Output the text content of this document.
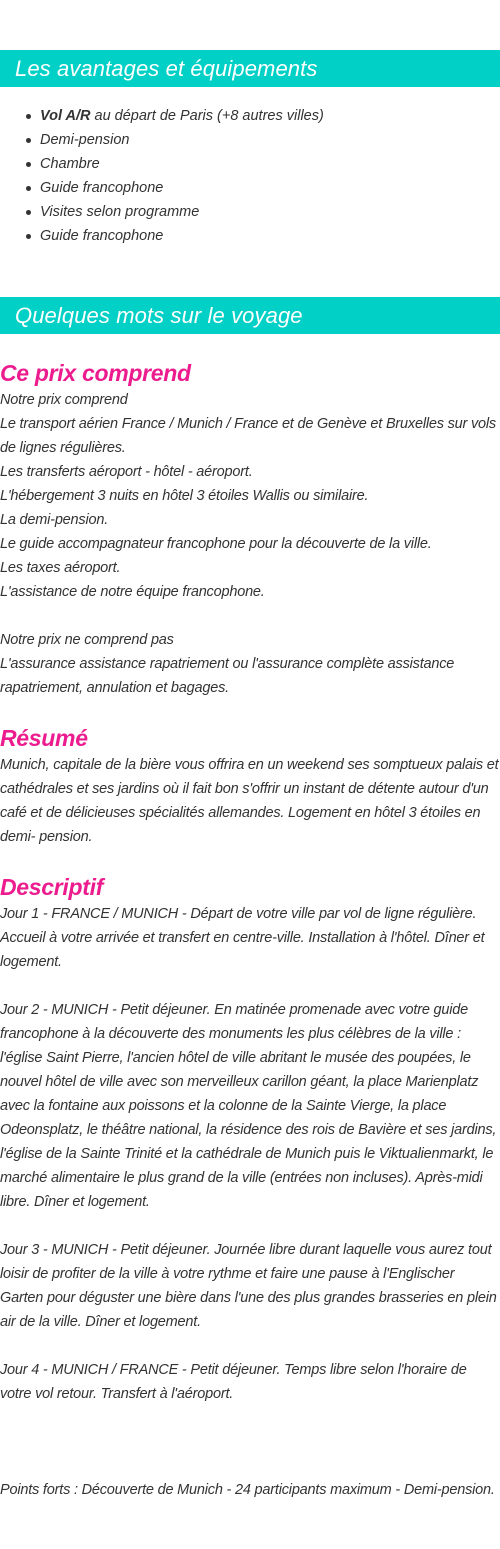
Les avantages et équipements
Vol A/R au départ de Paris (+8 autres villes)
Demi-pension
Chambre
Guide francophone
Visites selon programme
Guide francophone
Quelques mots sur le voyage
Ce prix comprend

Notre prix comprend

Le transport aérien France / Munich / France et de Genève et Bruxelles sur vols de lignes régulières.

Les transferts aéroport - hôtel - aéroport.

L'hébergement 3 nuits en hôtel 3 étoiles Wallis ou similaire.

La demi-pension.

Le guide accompagnateur francophone pour la découverte de la ville.

Les taxes aéroport.

L'assistance de notre équipe francophone.

Notre prix ne comprend pas

L'assurance assistance rapatriement ou l'assurance complète assistance rapatriement, annulation et bagages.

Résumé

Munich, capitale de la bière vous offrira en un weekend ses somptueux palais et cathédrales et ses jardins où il fait bon s'offrir un instant de détente autour d'un café et de délicieuses spécialités allemandes. Logement en hôtel 3 étoiles en demi- pension.

Descriptif

Jour 1 - FRANCE / MUNICH - Départ de votre ville par vol de ligne régulière. Accueil à votre arrivée et transfert en centre-ville. Installation à l'hôtel. Dîner et logement.

Jour 2 - MUNICH - Petit déjeuner. En matinée promenade avec votre guide francophone à la découverte des monuments les plus célèbres de la ville : l'église Saint Pierre, l'ancien hôtel de ville abritant le musée des poupées, le nouvel hôtel de ville avec son merveilleux carillon géant, la place Marienplatz avec la fontaine aux poissons et la colonne de la Sainte Vierge, la place Odeonsplatz, le théâtre national, la résidence des rois de Bavière et ses jardins, l'église de la Sainte Trinité et la cathédrale de Munich puis le Viktualienmarkt, le marché alimentaire le plus grand de la ville (entrées non incluses). Après-midi libre. Dîner et logement.

Jour 3 - MUNICH - Petit déjeuner. Journée libre durant laquelle vous aurez tout loisir de profiter de la ville à votre rythme et faire une pause à l'Englischer Garten pour déguster une bière dans l'une des plus grandes brasseries en plein air de la ville. Dîner et logement.

Jour 4 - MUNICH / FRANCE - Petit déjeuner. Temps libre selon l'horaire de votre vol retour. Transfert à l'aéroport.

Points forts : Découverte de Munich - 24 participants maximum - Demi-pension.
